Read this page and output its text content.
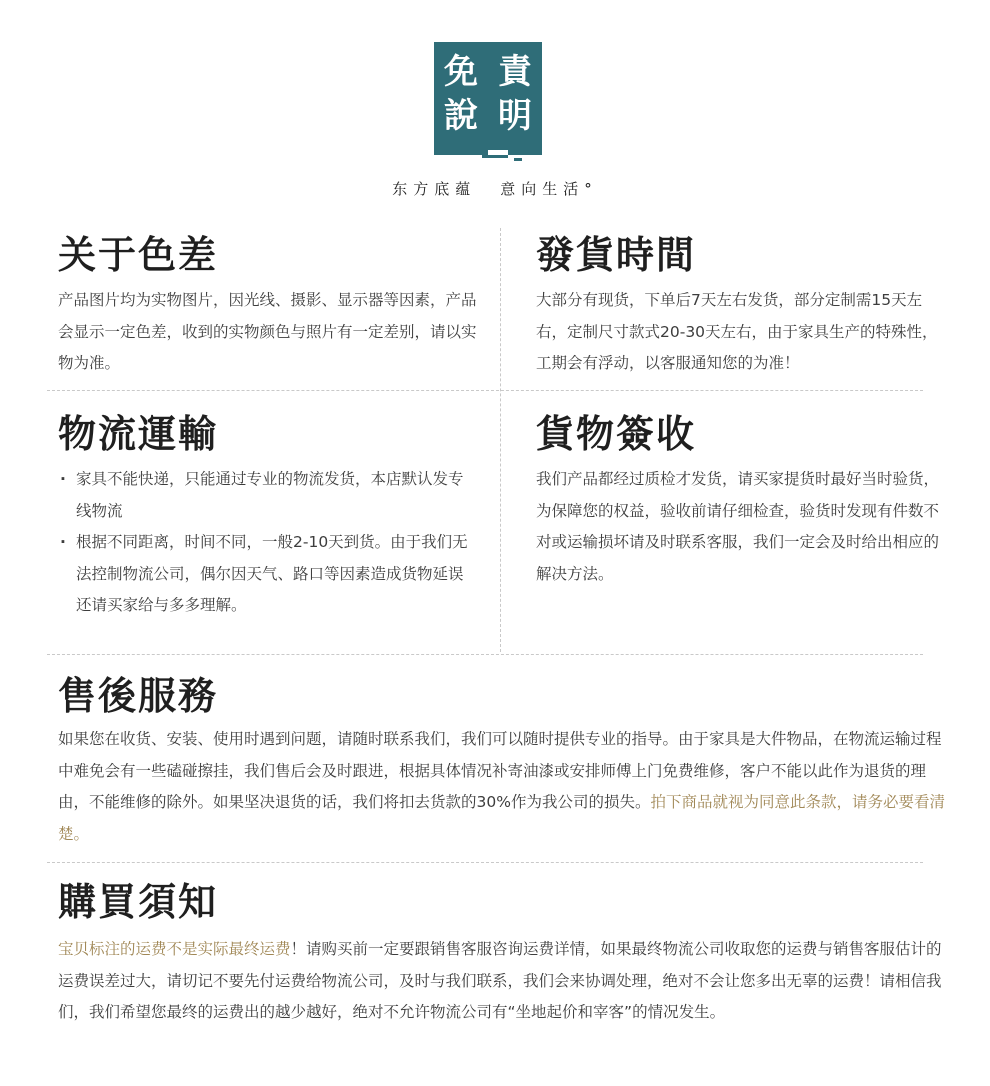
免 責
說 明
东方底蕴 意向生活°
关于色差
产品图片均为实物图片，因光线、摄影、显示器等因素，产品会显示一定色差，收到的实物颜色与照片有一定差别，请以实物为准。
發貨時間
大部分有现货，下单后7天左右发货，部分定制需15天左右，定制尺寸款式20-30天左右，由于家具生产的特殊性，工期会有浮动，以客服通知您的为准！
物流運輸
· 家具不能快递，只能通过专业的物流发货，本店默认发专线物流
· 根据不同距离，时间不同，一般2-10天到货。由于我们无法控制物流公司，偶尔因天气、路口等因素造成货物延误还请买家给与多多理解。
貨物簽收
我们产品都经过质检才发货，请买家提货时最好当时验货，为保障您的权益，验收前请仔细检查，验货时发现有件数不对或运输损坏请及时联系客服，我们一定会及时给出相应的解决方法。
售後服務
如果您在收货、安装、使用时遇到问题，请随时联系我们，我们可以随时提供专业的指导。由于家具是大件物品，在物流运输过程中难免会有一些磕碰擦挂，我们售后会及时跟进，根据具体情况补寄油漆或安排师傅上门免费维修，客户不能以此作为退货的理由，不能维修的除外。如果坚决退货的话，我们将扣去货款的30%作为我公司的损失。拍下商品就视为同意此条款，请务必要看清楚。
購買須知
宝贝标注的运费不是实际最终运费！请购买前一定要跟销售客服咨询运费详情，如果最终物流公司收取您的运费与销售客服估计的运费误差过大，请切记不要先付运费给物流公司，及时与我们联系，我们会来协调处理，绝对不会让您多出无辜的运费！请相信我们，我们希望您最终的运费出的越少越好，绝对不允许物流公司有“坐地起价和宰客”的情况发生。
